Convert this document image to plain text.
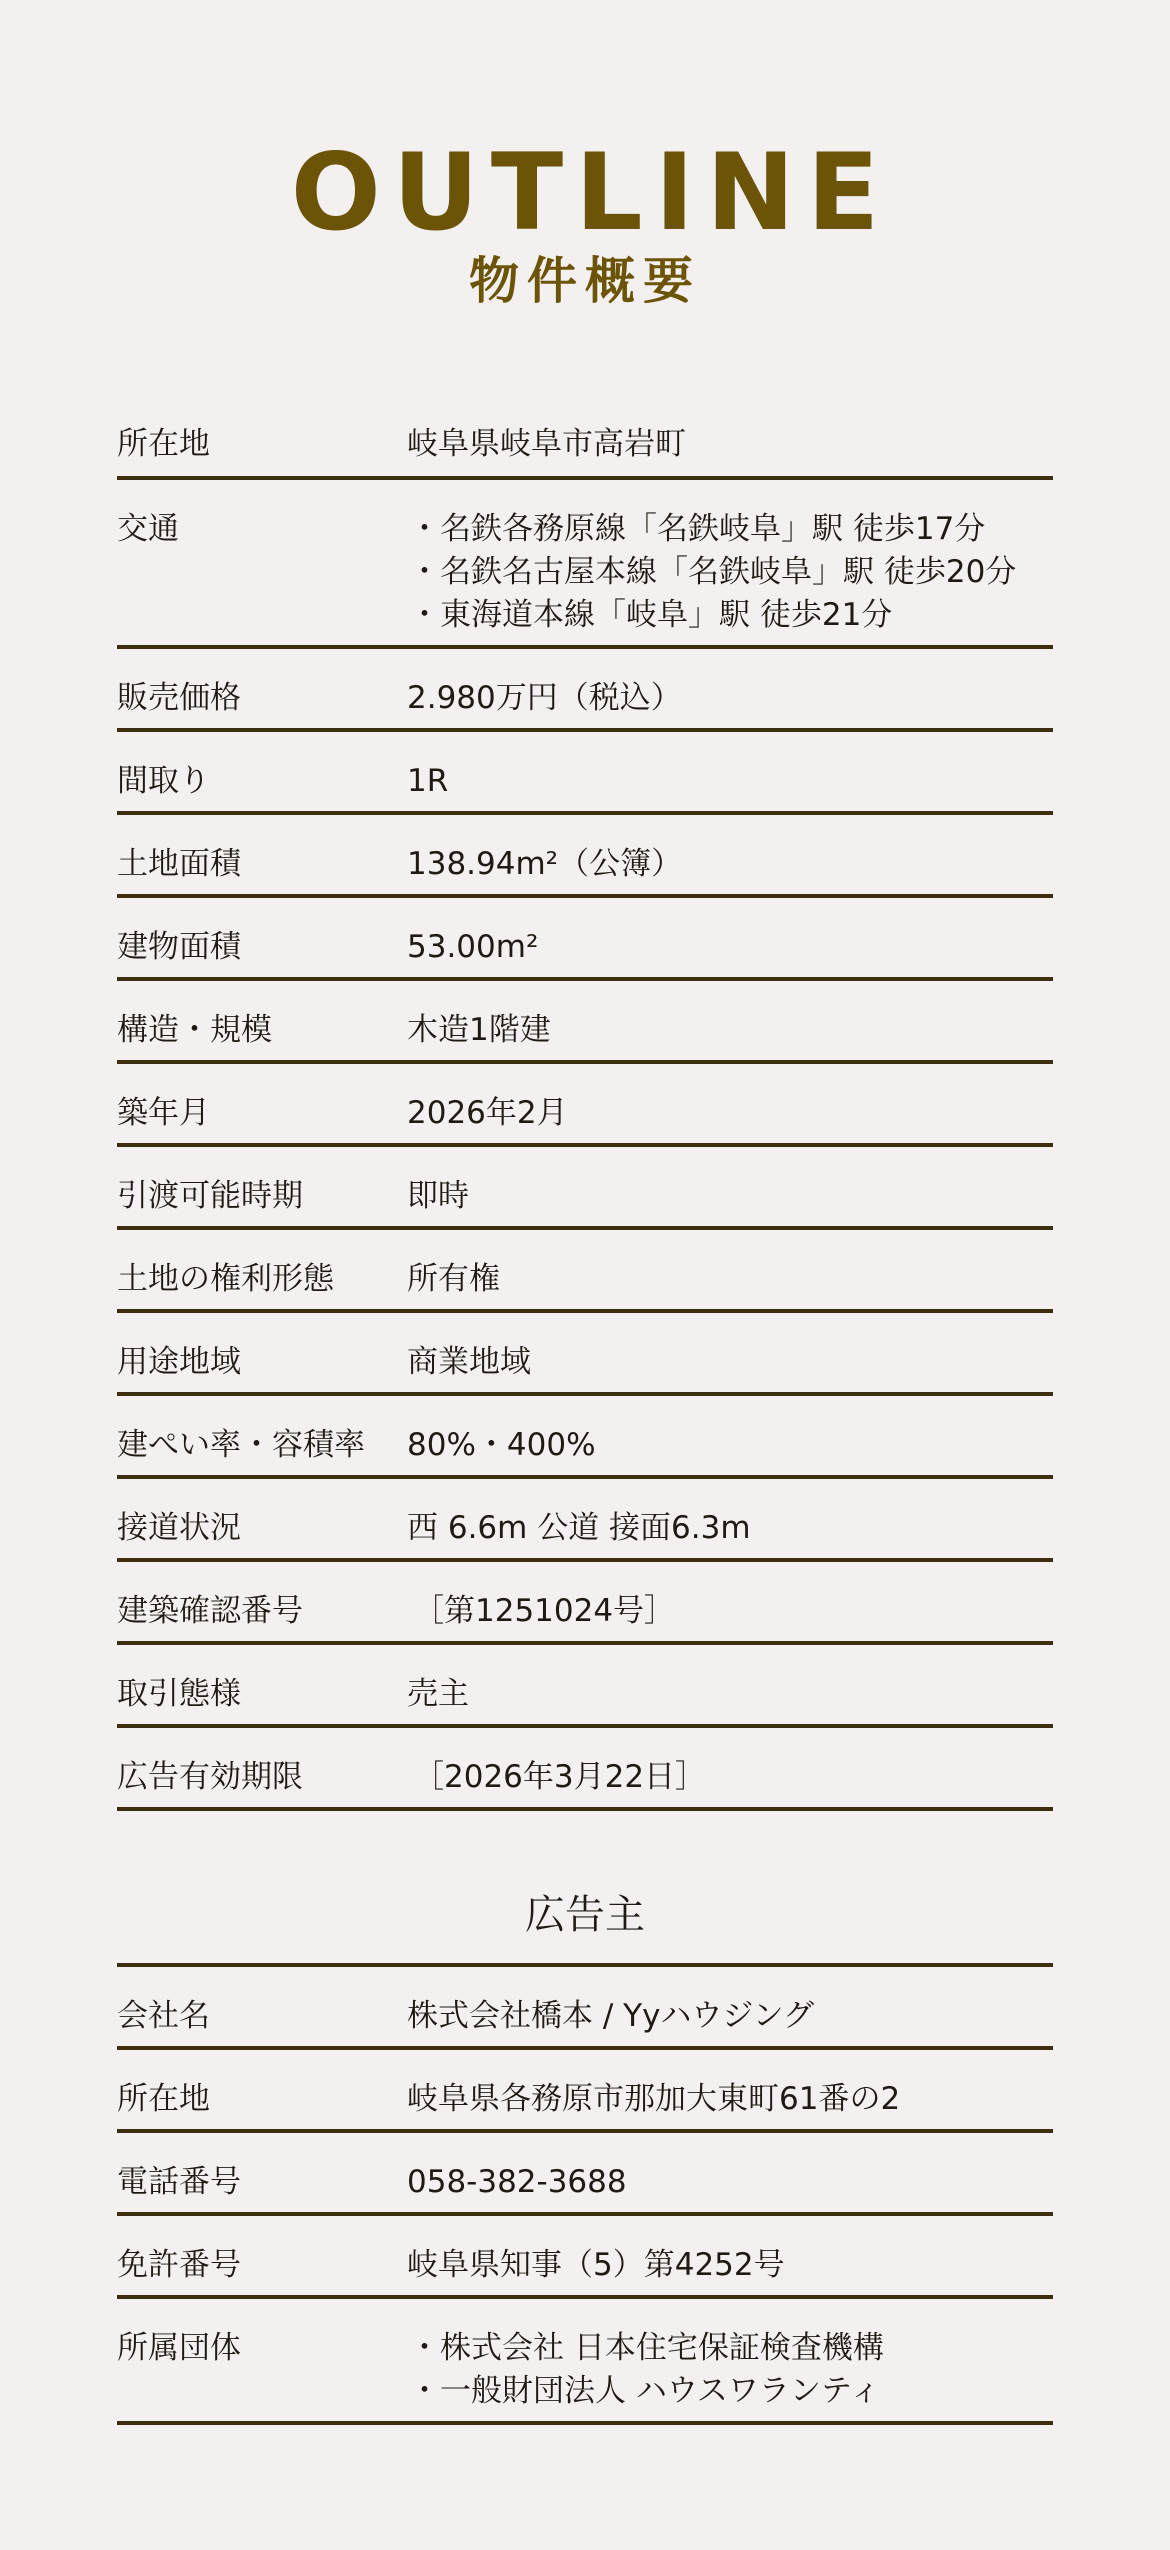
OUTLINE
物件概要
所在地	岐阜県岐阜市高岩町
交通	・ 名鉄各務原線「名鉄岐阜」駅 徒歩17分
・ 名鉄名古屋本線「名鉄岐阜」駅 徒歩20分
・ 東海道本線「岐阜」駅 徒歩21分
販売価格	2.980万円（税込）
間取り	1R
土地面積	138.94m²（公簿）
建物面積	53.00m²
構造・規模	木造1階建
築年月	2026年2月
引渡可能時期	即時
土地の権利形態 所有権
用途地域	商業地域
建ぺい率・容積率 80%・400%
接道状況	西 6.6m 公道 接面6.3m
建築確認番号	［第1251024号］
取引態様	売主
広告有効期限	［2026年3月22日］
広告主
会社名	株式会社橋本 / Yyハウジング
所在地	岐阜県各務原市那加大東町61番の2
電話番号	058-382-3688
免許番号	岐阜県知事（5）第4252号
所属団体	・ 株式会社 日本住宅保証検査機構
・ 一般財団法人 ハウスワランティ
